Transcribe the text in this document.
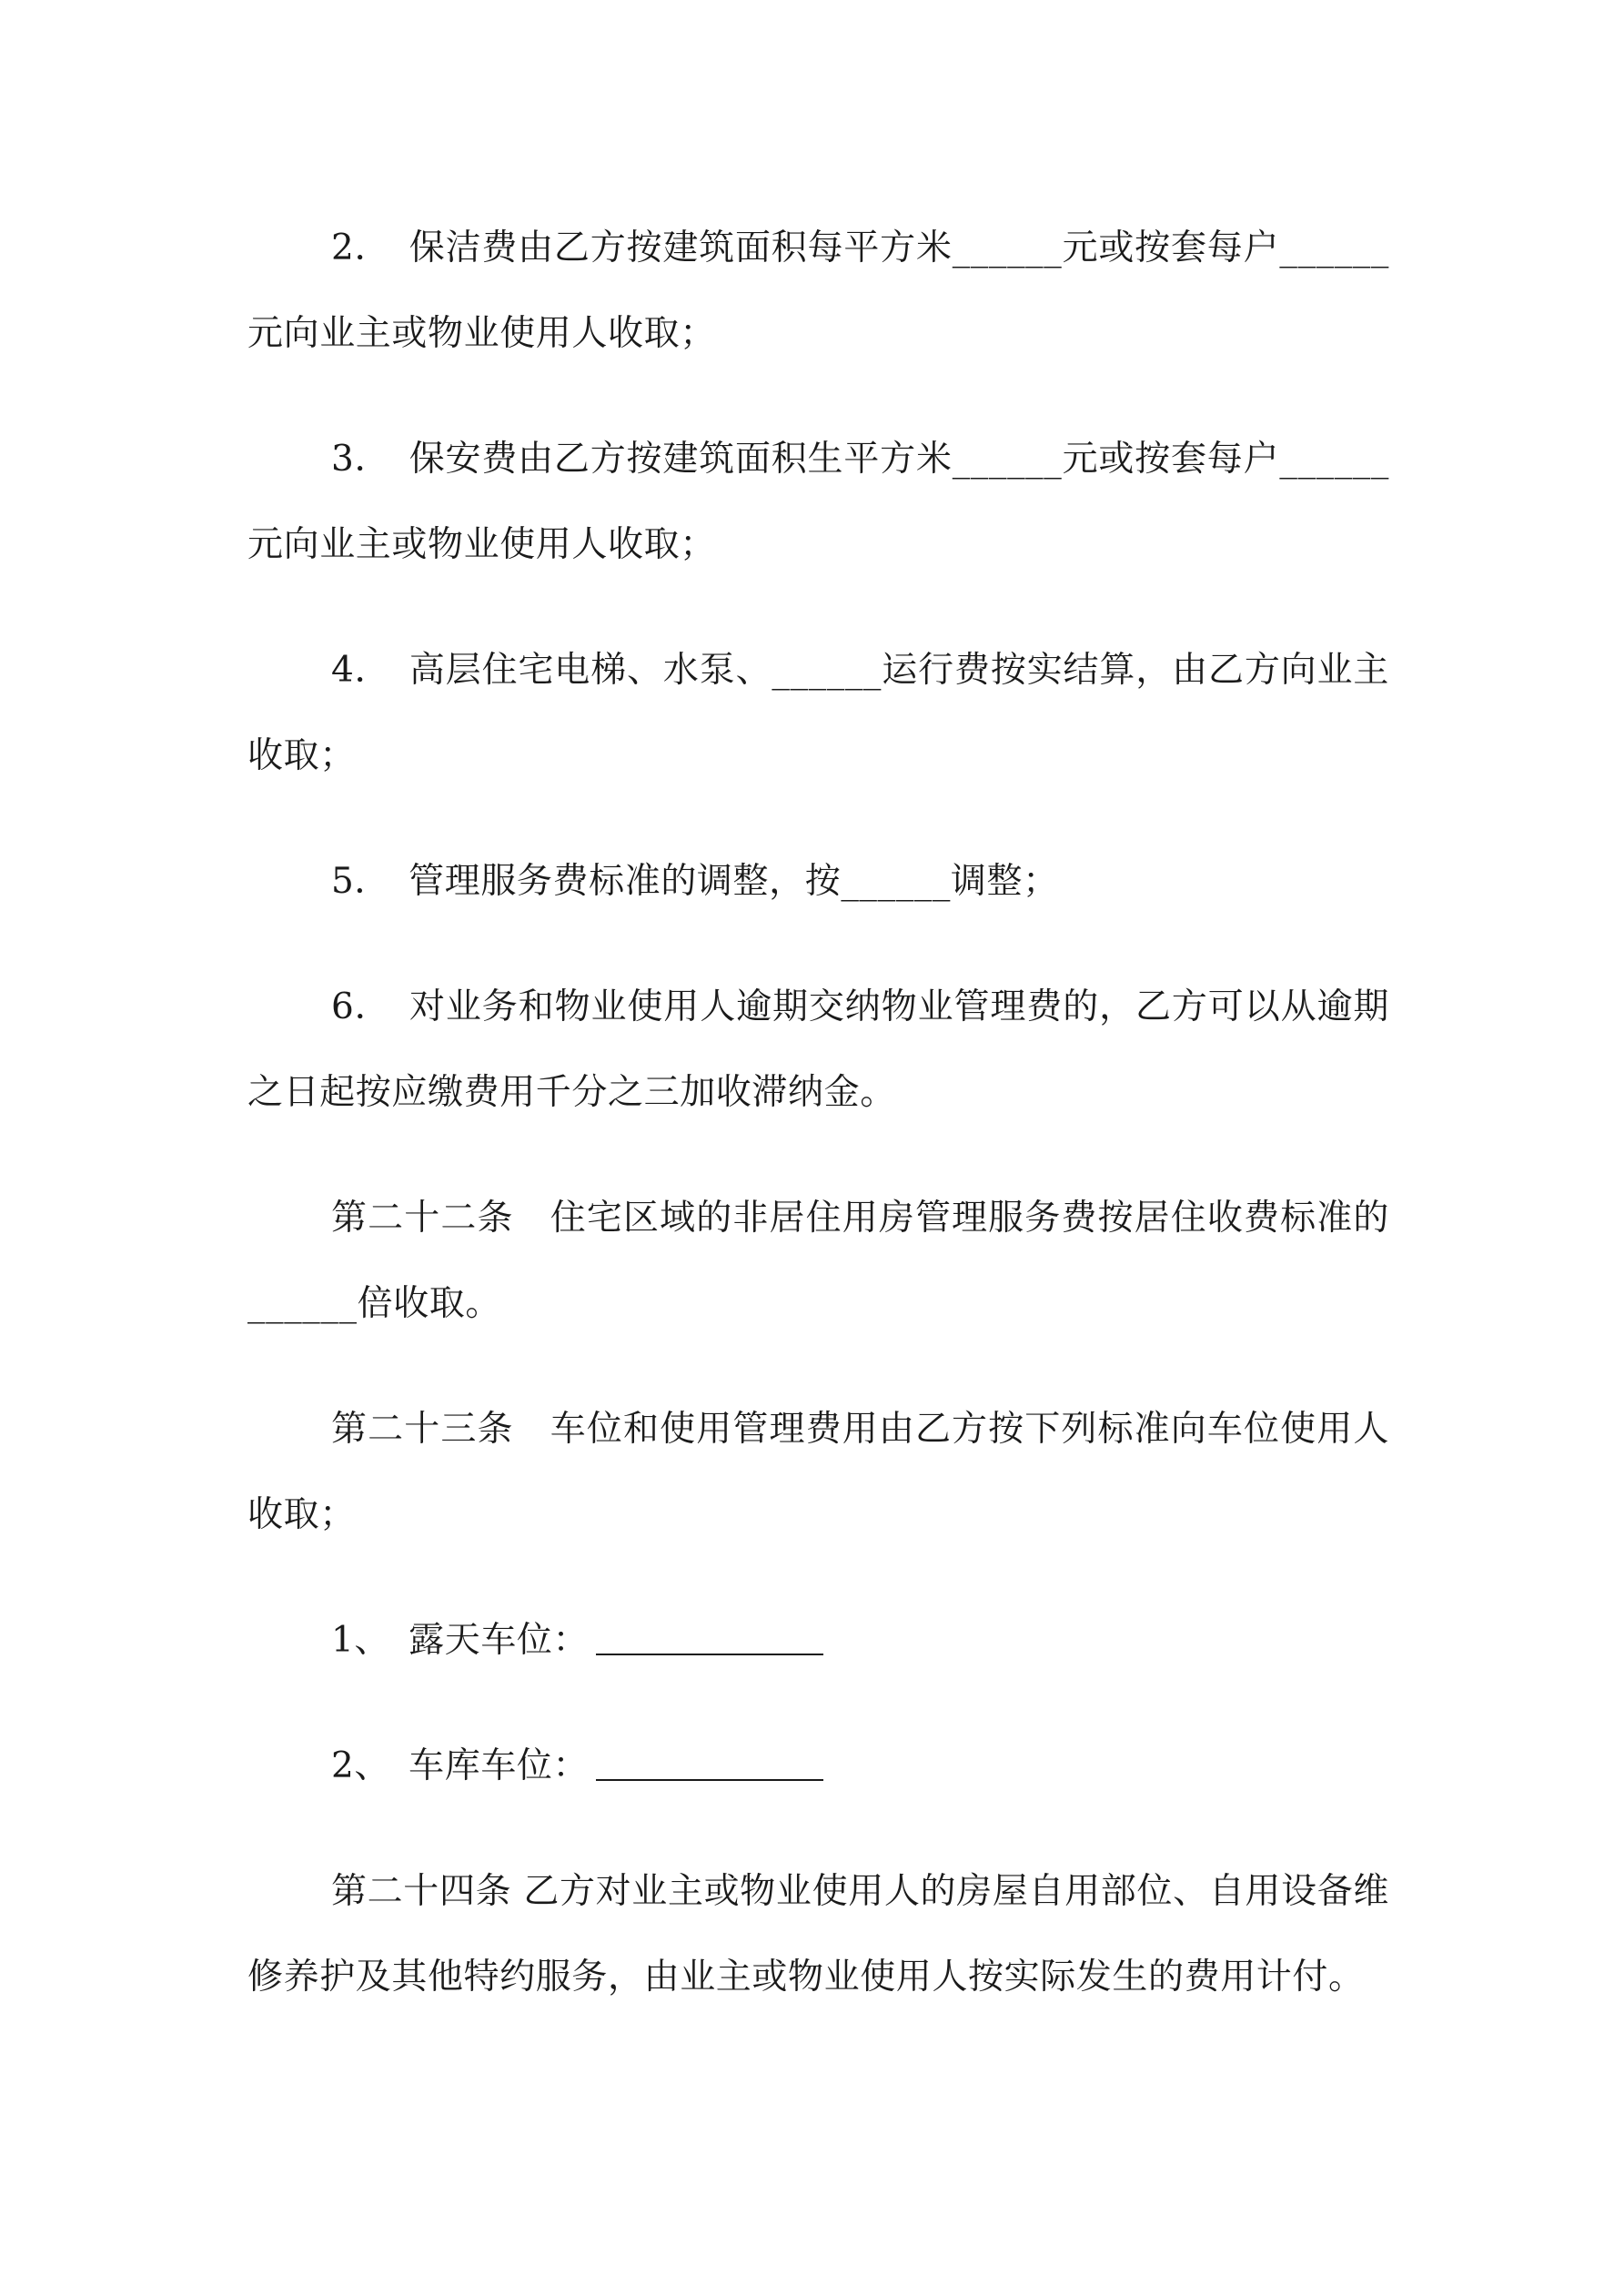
2．　保洁费由乙方按建筑面积每平方米______元或按套每户______元向业主或物业使用人收取；

3．　保安费由乙方按建筑面积生平方米______元或按套每户______元向业主或物业使用人收取；

4．　高层住宅电梯、水泵、______运行费按实结算，由乙方向业主收取；

5．　管理服务费标准的调整，按______调整；

6．　对业务和物业使用人逾期交纳物业管理费的，乙方可以从逾期之日起按应缴费用千分之三加收滞纳金。

第二十二条　住宅区域的非居住用房管理服务费按居住收费标准的______倍收取。

第二十三条　车位和使用管理费用由乙方按下列标准向车位使用人收取；

1、　露天车位：

2、　车库车位：

第二十四条 乙方对业主或物业使用人的房屋自用部位、自用设备维修养护及其他特约服务，由业主或物业使用人按实际发生的费用计付。
